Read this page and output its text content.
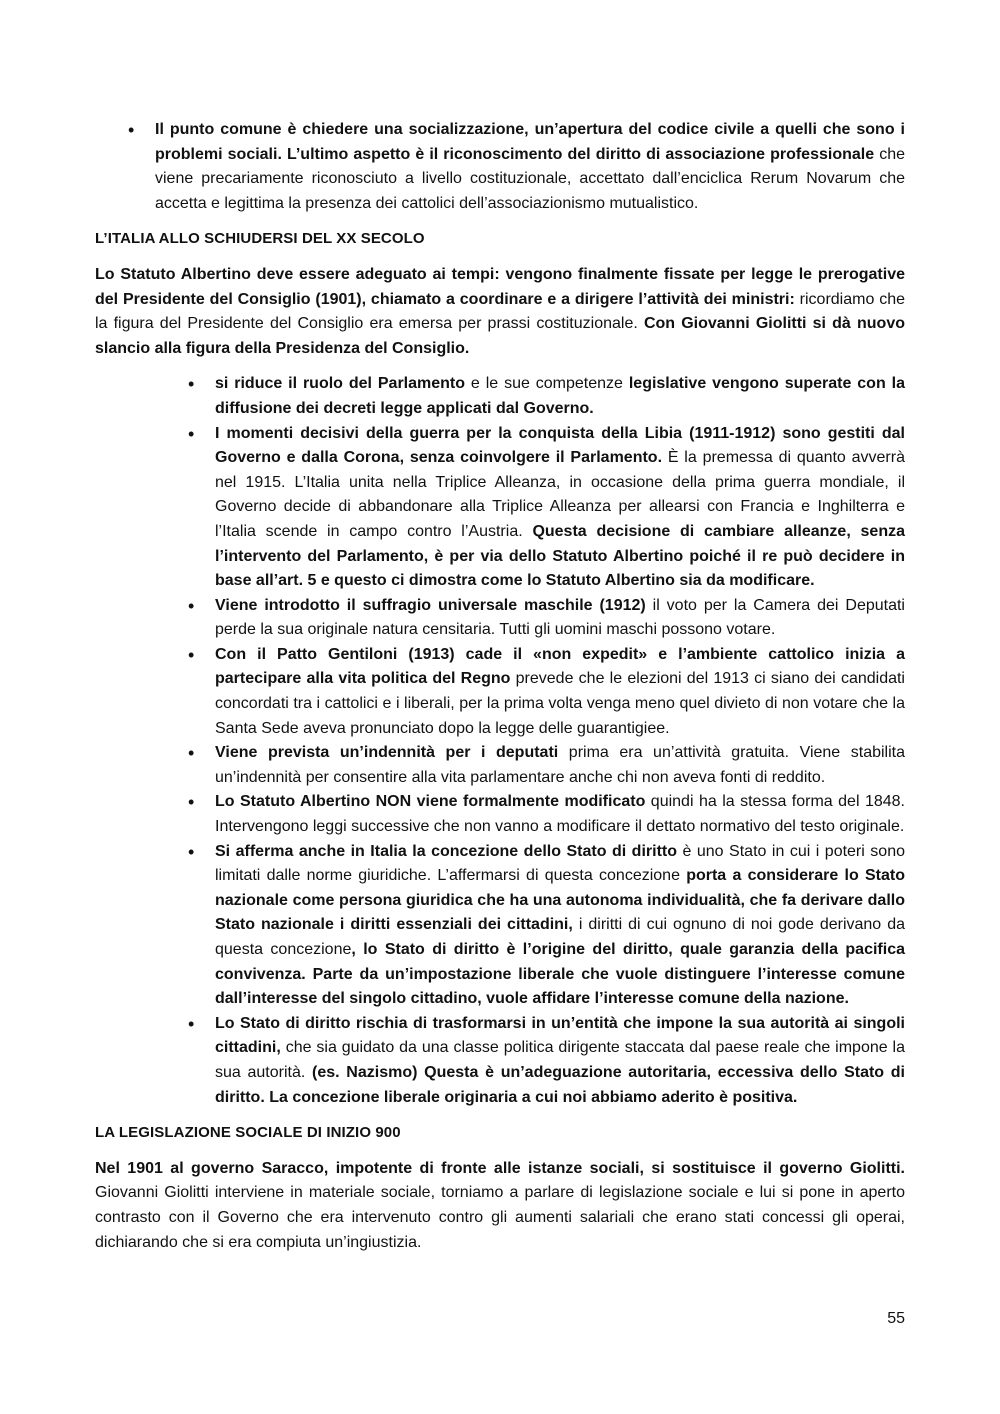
• Il punto comune è chiedere una socializzazione, un’apertura del codice civile a quelli che sono i problemi sociali. L’ultimo aspetto è il riconoscimento del diritto di associazione professionale che viene precariamente riconosciuto a livello costituzionale, accettato dall’enciclica Rerum Novarum che accetta e legittima la presenza dei cattolici dell’associazionismo mutualistico.
L’ITALIA ALLO SCHIUDERSI DEL XX SECOLO

Lo Statuto Albertino deve essere adeguato ai tempi: vengono finalmente fissate per legge le prerogative del Presidente del Consiglio (1901), chiamato a coordinare e a dirigere l’attività dei ministri: ricordiamo che la figura del Presidente del Consiglio era emersa per prassi costituzionale. Con Giovanni Giolitti si dà nuovo slancio alla figura della Presidenza del Consiglio.

• si riduce il ruolo del Parlamento e le sue competenze legislative vengono superate con la diffusione dei decreti legge applicati dal Governo.
• I momenti decisivi della guerra per la conquista della Libia (1911-1912) sono gestiti dal Governo e dalla Corona, senza coinvolgere il Parlamento. È la premessa di quanto avverrà nel 1915. L’Italia unita nella Triplice Alleanza, in occasione della prima guerra mondiale, il Governo decide di abbandonare alla Triplice Alleanza per allearsi con Francia e Inghilterra e l’Italia scende in campo contro l’Austria. Questa decisione di cambiare alleanze, senza l’intervento del Parlamento, è per via dello Statuto Albertino poiché il re può decidere in base all’art. 5 e questo ci dimostra come lo Statuto Albertino sia da modificare.
• Viene introdotto il suffragio universale maschile (1912) il voto per la Camera dei Deputati perde la sua originale natura censitaria. Tutti gli uomini maschi possono votare.
• Con il Patto Gentiloni (1913) cade il «non expedit» e l’ambiente cattolico inizia a partecipare alla vita politica del Regno prevede che le elezioni del 1913 ci siano dei candidati concordati tra i cattolici e i liberali, per la prima volta venga meno quel divieto di non votare che la Santa Sede aveva pronunciato dopo la legge delle guarantigiee.
• Viene prevista un’indennità per i deputati prima era un’attività gratuita. Viene stabilita un’indennità per consentire alla vita parlamentare anche chi non aveva fonti di reddito.
• Lo Statuto Albertino NON viene formalmente modificato quindi ha la stessa forma del 1848. Intervengono leggi successive che non vanno a modificare il dettato normativo del testo originale.
• Si afferma anche in Italia la concezione dello Stato di diritto è uno Stato in cui i poteri sono limitati dalle norme giuridiche. L’affermarsi di questa concezione porta a considerare lo Stato nazionale come persona giuridica che ha una autonoma individualità, che fa derivare dallo Stato nazionale i diritti essenziali dei cittadini, i diritti di cui ognuno di noi gode derivano da questa concezione, lo Stato di diritto è l’origine del diritto, quale garanzia della pacifica convivenza. Parte da un’impostazione liberale che vuole distinguere l’interesse comune dall’interesse del singolo cittadino, vuole affidare l’interesse comune della nazione.
• Lo Stato di diritto rischia di trasformarsi in un’entità che impone la sua autorità ai singoli cittadini, che sia guidato da una classe politica dirigente staccata dal paese reale che impone la sua autorità. (es. Nazismo) Questa è un’adeguazione autoritaria, eccessiva dello Stato di diritto. La concezione liberale originaria a cui noi abbiamo aderito è positiva.
LA LEGISLAZIONE SOCIALE DI INIZIO 900

Nel 1901 al governo Saracco, impotente di fronte alle istanze sociali, si sostituisce il governo Giolitti. Giovanni Giolitti interviene in materiale sociale, torniamo a parlare di legislazione sociale e lui si pone in aperto contrasto con il Governo che era intervenuto contro gli aumenti salariali che erano stati concessi gli operai, dichiarando che si era compiuta un’ingiustizia.

55
